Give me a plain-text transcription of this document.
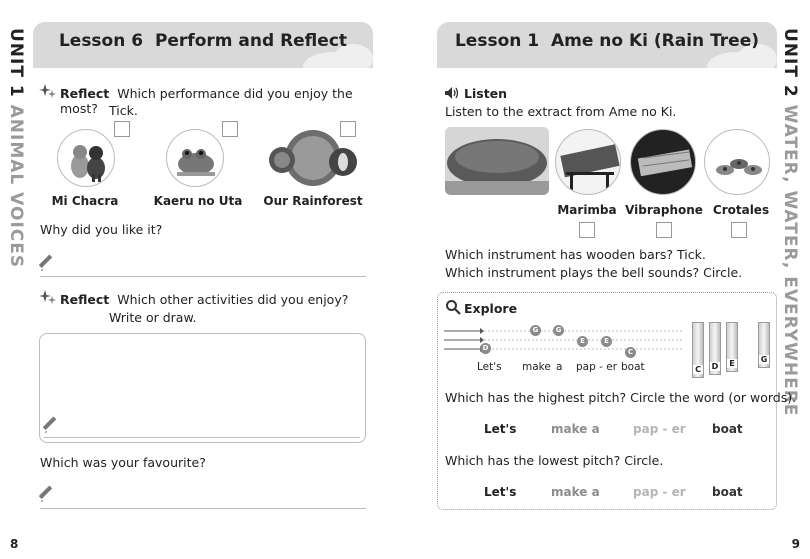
UNIT 1 ANIMAL VOICES
Lesson 6 Perform and Reflect
Reflect Which performance did you enjoy the most? Tick.
Mi Chacra	Kaeru no Uta	Our Rainforest
Why did you like it?
Reflect Which other activities did you enjoy?
Write or draw.
Which was your favourite?
8
Lesson 1 Ame no Ki (Rain Tree)	UNIT 2 WATER, WATER, EVERYWHERE
Listen
Listen to the extract from Ame no Ki.
Marimba Vibraphone Crotales
Which instrument has wooden bars? Tick.
Which instrument plays the bell sounds? Circle.
Explore
D
G	G
E	E
C
Let's make a pap - er boat	C D E	G
Which has the highest pitch? Circle the word (or words).
Let's	make a	pap - er boat
Which has the lowest pitch? Circle.
Let's	make a	pap - er boat
9
